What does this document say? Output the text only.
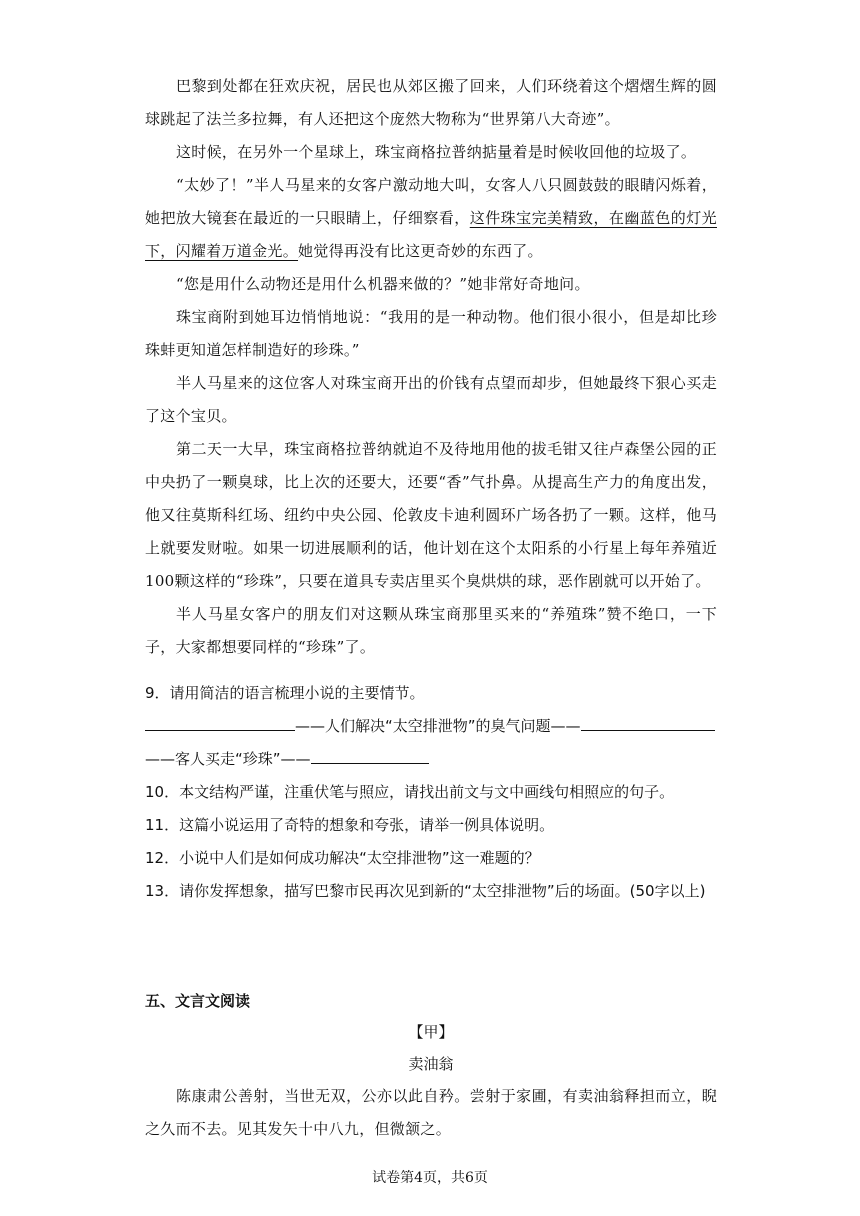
巴黎到处都在狂欢庆祝，居民也从郊区搬了回来，人们环绕着这个熠熠生辉的圆球跳起了法兰多拉舞，有人还把这个庞然大物称为“世界第八大奇迹”。

这时候，在另外一个星球上，珠宝商格拉普纳掂量着是时候收回他的垃圾了。

“太妙了！”半人马星来的女客户激动地大叫，女客人八只圆鼓鼓的眼睛闪烁着，她把放大镜套在最近的一只眼睛上，仔细察看，这件珠宝完美精致，在幽蓝色的灯光下，闪耀着万道金光。她觉得再没有比这更奇妙的东西了。

“您是用什么动物还是用什么机器来做的？”她非常好奇地问。

珠宝商附到她耳边悄悄地说：“我用的是一种动物。他们很小很小，但是却比珍珠蚌更知道怎样制造好的珍珠。”

半人马星来的这位客人对珠宝商开出的价钱有点望而却步，但她最终下狠心买走了这个宝贝。

第二天一大早，珠宝商格拉普纳就迫不及待地用他的拔毛钳又往卢森堡公园的正中央扔了一颗臭球，比上次的还要大，还要“香”气扑鼻。从提高生产力的角度出发，他又往莫斯科红场、纽约中央公园、伦敦皮卡迪利圆环广场各扔了一颗。这样，他马上就要发财啦。如果一切进展顺利的话，他计划在这个太阳系的小行星上每年养殖近100颗这样的“珍珠”，只要在道具专卖店里买个臭烘烘的球，恶作剧就可以开始了。

半人马星女客户的朋友们对这颗从珠宝商那里买来的“养殖珠”赞不绝口，一下子，大家都想要同样的“珍珠”了。

9．请用简洁的语言梳理小说的主要情节。

——人们解决“太空排泄物”的臭气问题——
——客人买走“珍珠”——

10．本文结构严谨，注重伏笔与照应，请找出前文与文中画线句相照应的句子。

11．这篇小说运用了奇特的想象和夸张，请举一例具体说明。

12．小说中人们是如何成功解决“太空排泄物”这一难题的？

13．请你发挥想象，描写巴黎市民再次见到新的“太空排泄物”后的场面。(50字以上)

五、文言文阅读
【甲】
卖油翁

陈康肃公善射，当世无双，公亦以此自矜。尝射于家圃，有卖油翁释担而立，睨之久而不去。见其发矢十中八九，但微颔之。

试卷第4页，共6页
